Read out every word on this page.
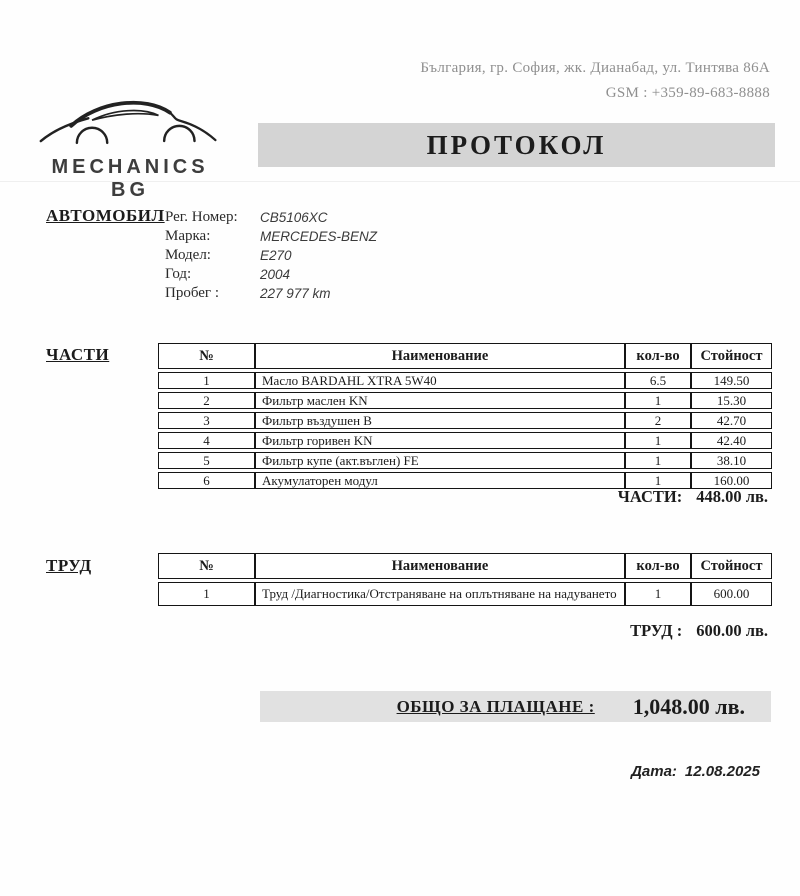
България, гр. София, жк. Дианабад, ул. Тинтява 86А
GSM : +359-89-683-8888
MECHANICS BG
ПРОТОКОЛ
АВТОМОБИЛ Рег. Номер:	CB5106XC
Марка:	MERCEDES-BENZ
Модел:	E270
Год:	2004
Пробег :	227 977 km
ЧАСТИ	№	Наименование	кол-во	Стойност
1	Масло BARDAHL XTRA 5W40	6.5	149.50
2	Фильтр маслен KN	1	15.30
3	Фильтр въздушен B	2	42.70
4	Фильтр горивен KN	1	42.40
5	Фильтр купе (акт.въглен) FE	1	38.10
6	Акумулаторен модул	1	160.00
ЧАСТИ: 448.00 лв.
ТРУД	№	Наименование	кол-во	Стойност
1	Труд /Диагностика/Отстраняване на оплътняване на надуването	1	600.00
ТРУД : 600.00 лв.
ОБЩО ЗА ПЛАЩАНЕ : 1,048.00 лв.
Дата: 12.08.2025
